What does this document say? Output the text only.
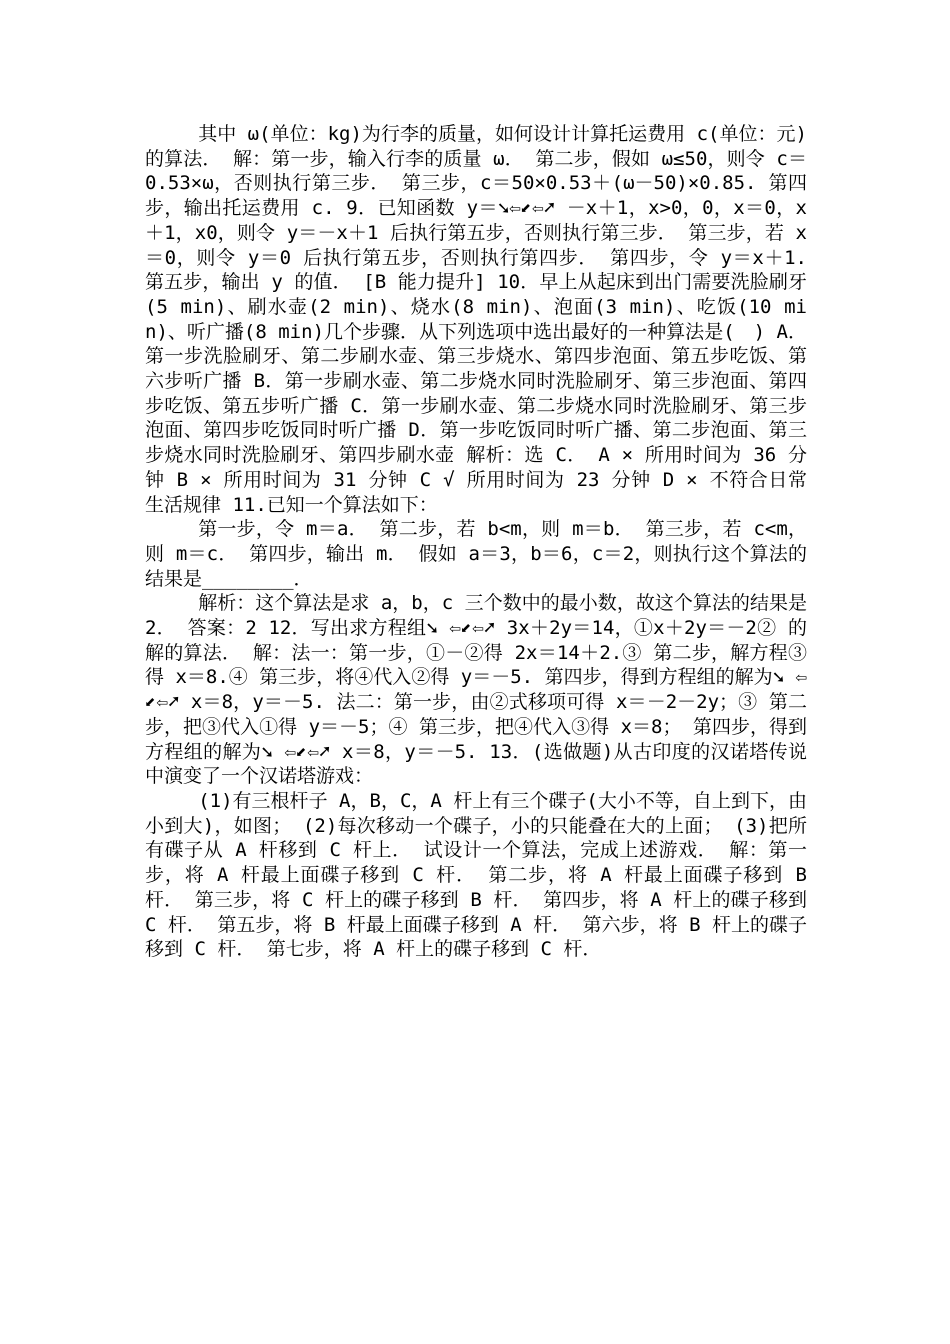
其中 ω(单位：kg)为行李的质量，如何设计计算托运费用 c(单位：元)的算法． 解：第一步，输入行李的质量 ω． 第二步，假如 ω≤50，则令 c＝0.53×ω，否则执行第三步． 第三步，c＝50×0.53＋(ω－50)×0.85. 第四步，输出托运费用 c. 9．已知函数 y＝➘⇦⬋⇦➚ －x＋1，x>0，0，x＝0，x＋1，x0，则令 y＝－x＋1 后执行第五步，否则执行第三步． 第三步，若 x＝0，则令 y＝0 后执行第五步，否则执行第四步． 第四步，令 y＝x＋1. 第五步，输出 y 的值． [B 能力提升] 10．早上从起床到出门需要洗脸刷牙(5 min)、刷水壶(2 min)、烧水(8 min)、泡面(3 min)、吃饭(10 min)、听广播(8 min)几个步骤．从下列选项中选出最好的一种算法是(　) A．第一步洗脸刷牙、第二步刷水壶、第三步烧水、第四步泡面、第五步吃饭、第六步听广播 B．第一步刷水壶、第二步烧水同时洗脸刷牙、第三步泡面、第四步吃饭、第五步听广播 C．第一步刷水壶、第二步烧水同时洗脸刷牙、第三步泡面、第四步吃饭同时听广播 D．第一步吃饭同时听广播、第二步泡面、第三步烧水同时洗脸刷牙、第四步刷水壶 解析：选 C． A × 所用时间为 36 分钟 B × 所用时间为 31 分钟 C √ 所用时间为 23 分钟 D × 不符合日常生活规律 11.已知一个算法如下：

第一步，令 m＝a． 第二步，若 b<m，则 m＝b． 第三步，若 c<m，则 m＝c． 第四步，输出 m． 假如 a＝3，b＝6，c＝2，则执行这个算法的结果是________．

解析：这个算法是求 a，b，c 三个数中的最小数，故这个算法的结果是 2． 答案：2 12．写出求方程组➘ ⇦⬋⇦➚ 3x＋2y＝14，①x＋2y＝－2② 的解的算法． 解：法一：第一步，①－②得 2x＝14＋2.③ 第二步，解方程③得 x＝8.④ 第三步，将④代入②得 y＝－5. 第四步，得到方程组的解为➘ ⇦⬋⇦➚ x＝8，y＝－5. 法二：第一步，由②式移项可得 x＝－2－2y；③ 第二步，把③代入①得 y＝－5；④ 第三步，把④代入③得 x＝8； 第四步，得到方程组的解为➘ ⇦⬋⇦➚ x＝8，y＝－5. 13．(选做题)从古印度的汉诺塔传说中演变了一个汉诺塔游戏：

(1)有三根杆子 A，B，C，A 杆上有三个碟子(大小不等，自上到下，由小到大)，如图； (2)每次移动一个碟子，小的只能叠在大的上面； (3)把所有碟子从 A 杆移到 C 杆上． 试设计一个算法，完成上述游戏． 解：第一步，将 A 杆最上面碟子移到 C 杆． 第二步，将 A 杆最上面碟子移到 B 杆． 第三步，将 C 杆上的碟子移到 B 杆． 第四步，将 A 杆上的碟子移到 C 杆． 第五步，将 B 杆最上面碟子移到 A 杆． 第六步，将 B 杆上的碟子移到 C 杆． 第七步，将 A 杆上的碟子移到 C 杆．
